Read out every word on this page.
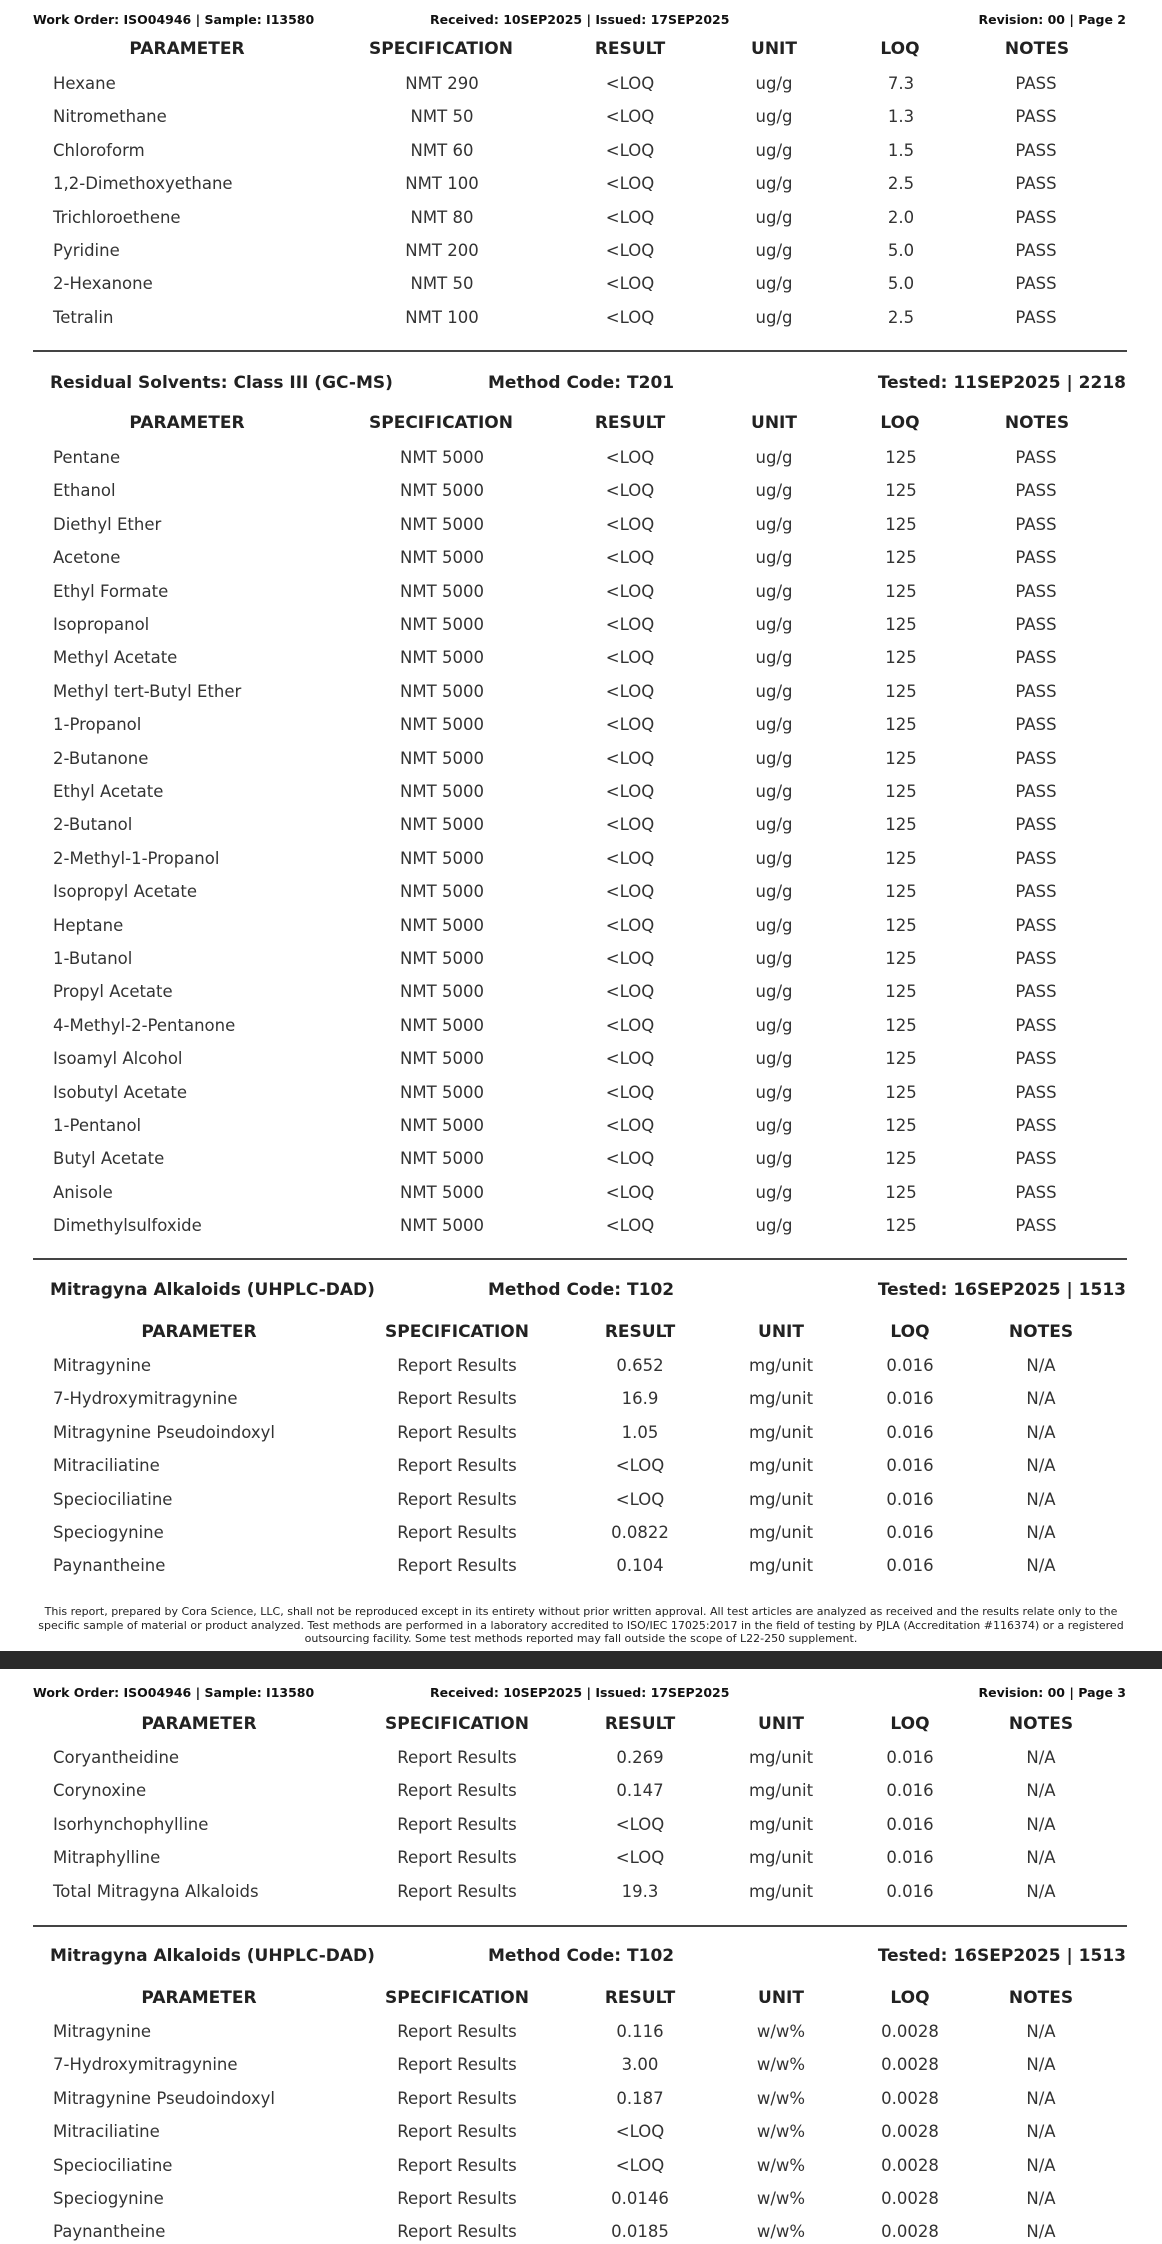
Work Order: ISO04946 | Sample: I13580	Received: 10SEP2025 | Issued: 17SEP2025	Revision: 00 | Page 2
PARAMETER	SPECIFICATION	RESULT	UNIT	LOQ	NOTES
Hexane	NMT 290	<LOQ	ug/g	7.3	PASS
Nitromethane	NMT 50	<LOQ	ug/g	1.3	PASS
Chloroform	NMT 60	<LOQ	ug/g	1.5	PASS
1,2-Dimethoxyethane	NMT 100	<LOQ	ug/g	2.5	PASS
Trichloroethene	NMT 80	<LOQ	ug/g	2.0	PASS
Pyridine	NMT 200	<LOQ	ug/g	5.0	PASS
2-Hexanone	NMT 50	<LOQ	ug/g	5.0	PASS
Tetralin	NMT 100	<LOQ	ug/g	2.5	PASS
Residual Solvents: Class III (GC-MS)	Method Code: T201	Tested: 11SEP2025 | 2218
PARAMETER	SPECIFICATION	RESULT	UNIT	LOQ	NOTES
Pentane	NMT 5000	<LOQ	ug/g	125	PASS
Ethanol	NMT 5000	<LOQ	ug/g	125	PASS
Diethyl Ether	NMT 5000	<LOQ	ug/g	125	PASS
Acetone	NMT 5000	<LOQ	ug/g	125	PASS
Ethyl Formate	NMT 5000	<LOQ	ug/g	125	PASS
Isopropanol	NMT 5000	<LOQ	ug/g	125	PASS
Methyl Acetate	NMT 5000	<LOQ	ug/g	125	PASS
Methyl tert-Butyl Ether	NMT 5000	<LOQ	ug/g	125	PASS
1-Propanol	NMT 5000	<LOQ	ug/g	125	PASS
2-Butanone	NMT 5000	<LOQ	ug/g	125	PASS
Ethyl Acetate	NMT 5000	<LOQ	ug/g	125	PASS
2-Butanol	NMT 5000	<LOQ	ug/g	125	PASS
2-Methyl-1-Propanol	NMT 5000	<LOQ	ug/g	125	PASS
Isopropyl Acetate	NMT 5000	<LOQ	ug/g	125	PASS
Heptane	NMT 5000	<LOQ	ug/g	125	PASS
1-Butanol	NMT 5000	<LOQ	ug/g	125	PASS
Propyl Acetate	NMT 5000	<LOQ	ug/g	125	PASS
4-Methyl-2-Pentanone	NMT 5000	<LOQ	ug/g	125	PASS
Isoamyl Alcohol	NMT 5000	<LOQ	ug/g	125	PASS
Isobutyl Acetate	NMT 5000	<LOQ	ug/g	125	PASS
1-Pentanol	NMT 5000	<LOQ	ug/g	125	PASS
Butyl Acetate	NMT 5000	<LOQ	ug/g	125	PASS
Anisole	NMT 5000	<LOQ	ug/g	125	PASS
Dimethylsulfoxide	NMT 5000	<LOQ	ug/g	125	PASS
Mitragyna Alkaloids (UHPLC-DAD)	Method Code: T102	Tested: 16SEP2025 | 1513
PARAMETER	SPECIFICATION	RESULT	UNIT	LOQ	NOTES
Mitragynine	Report Results	0.652	mg/unit	0.016	N/A
7-Hydroxymitragynine	Report Results	16.9	mg/unit	0.016	N/A
Mitragynine Pseudoindoxyl	Report Results	1.05	mg/unit	0.016	N/A
Mitraciliatine	Report Results	<LOQ	mg/unit	0.016	N/A
Speciociliatine	Report Results	<LOQ	mg/unit	0.016	N/A
Speciogynine	Report Results	0.0822	mg/unit	0.016	N/A
Paynantheine	Report Results	0.104	mg/unit	0.016	N/A
This report, prepared by Cora Science, LLC, shall not be reproduced except in its entirety without prior written approval. All test articles are analyzed as received and the results relate only to the specific sample of material or product analyzed. Test methods are performed in a laboratory accredited to ISO/IEC 17025:2017 in the field of testing by PJLA (Accreditation #116374) or a registered outsourcing facility. Some test methods reported may fall outside the scope of L22-250 supplement.
Work Order: ISO04946 | Sample: I13580	Received: 10SEP2025 | Issued: 17SEP2025	Revision: 00 | Page 3
PARAMETER	SPECIFICATION	RESULT	UNIT	LOQ	NOTES
Coryantheidine	Report Results	0.269	mg/unit	0.016	N/A
Corynoxine	Report Results	0.147	mg/unit	0.016	N/A
Isorhynchophylline	Report Results	<LOQ	mg/unit	0.016	N/A
Mitraphylline	Report Results	<LOQ	mg/unit	0.016	N/A
Total Mitragyna Alkaloids	Report Results	19.3	mg/unit	0.016	N/A
Mitragyna Alkaloids (UHPLC-DAD)	Method Code: T102	Tested: 16SEP2025 | 1513
PARAMETER	SPECIFICATION	RESULT	UNIT	LOQ	NOTES
Mitragynine	Report Results	0.116	w/w%	0.0028	N/A
7-Hydroxymitragynine	Report Results	3.00	w/w%	0.0028	N/A
Mitragynine Pseudoindoxyl	Report Results	0.187	w/w%	0.0028	N/A
Mitraciliatine	Report Results	<LOQ	w/w%	0.0028	N/A
Speciociliatine	Report Results	<LOQ	w/w%	0.0028	N/A
Speciogynine	Report Results	0.0146	w/w%	0.0028	N/A
Paynantheine	Report Results	0.0185	w/w%	0.0028	N/A
